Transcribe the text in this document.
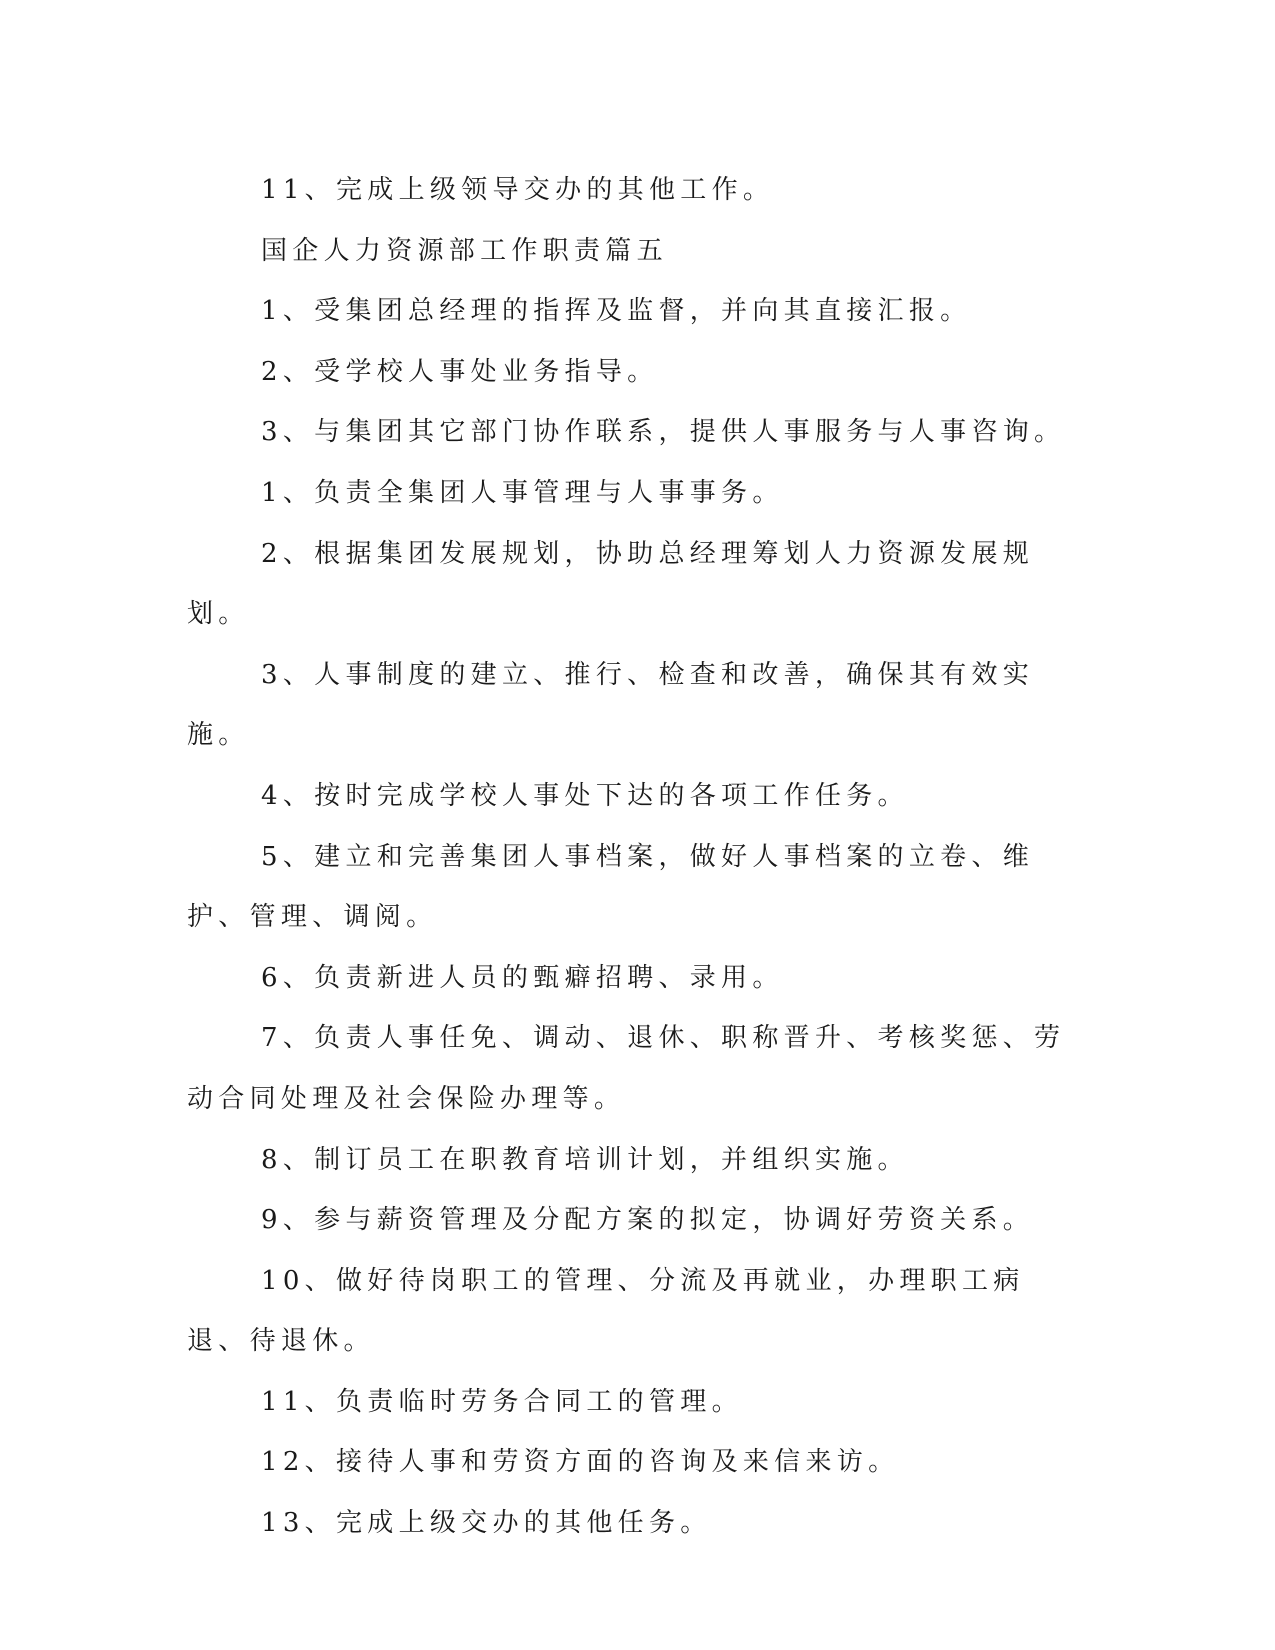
11、完成上级领导交办的其他工作。

国企人力资源部工作职责篇五

1、受集团总经理的指挥及监督，并向其直接汇报。

2、受学校人事处业务指导。

3、与集团其它部门协作联系，提供人事服务与人事咨询。

1、负责全集团人事管理与人事事务。

2、根据集团发展规划，协助总经理筹划人力资源发展规划。

3、人事制度的建立、推行、检查和改善，确保其有效实施。

4、按时完成学校人事处下达的各项工作任务。

5、建立和完善集团人事档案，做好人事档案的立卷、维护、管理、调阅。

6、负责新进人员的甄癖招聘、录用。

7、负责人事任免、调动、退休、职称晋升、考核奖惩、劳动合同处理及社会保险办理等。

8、制订员工在职教育培训计划，并组织实施。

9、参与薪资管理及分配方案的拟定，协调好劳资关系。

10、做好待岗职工的管理、分流及再就业，办理职工病退、待退休。

11、负责临时劳务合同工的管理。

12、接待人事和劳资方面的咨询及来信来访。

13、完成上级交办的其他任务。
